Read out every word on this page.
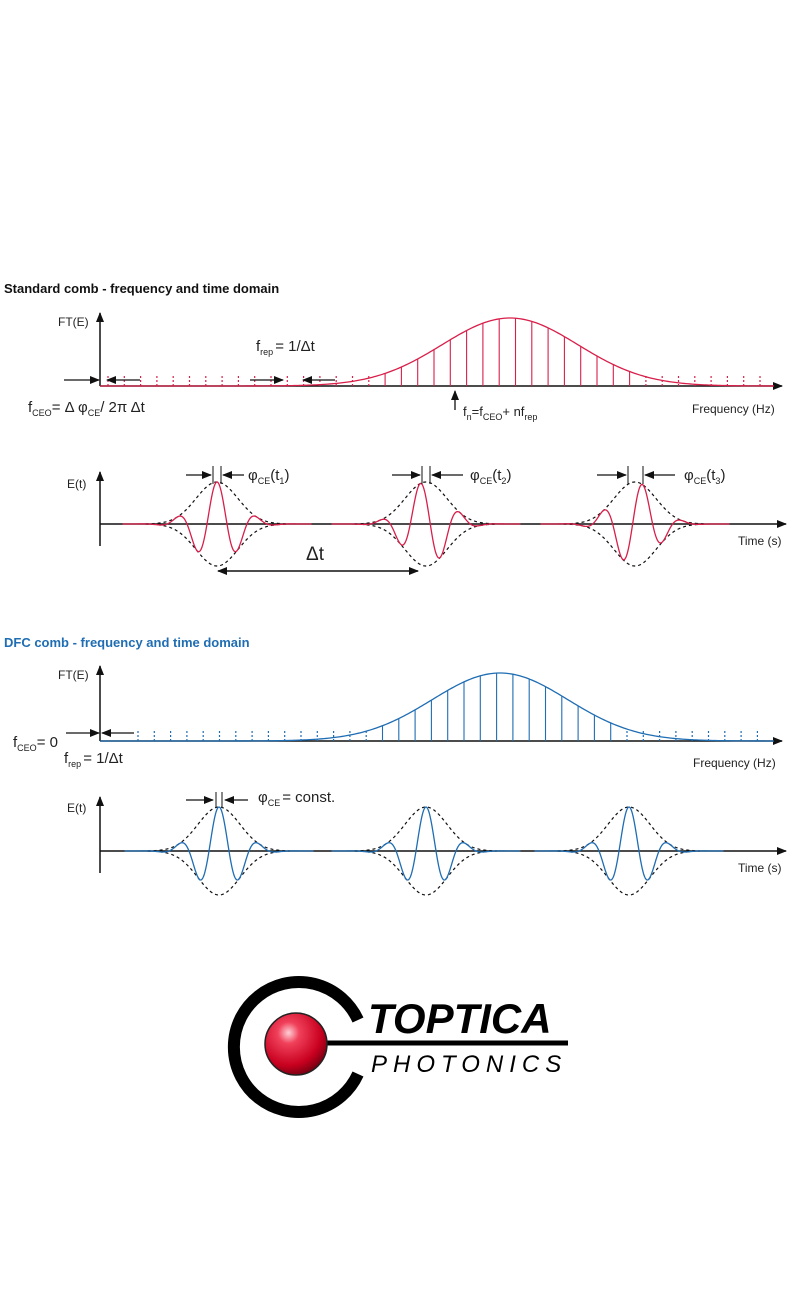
Standard comb - frequency and time domain
FT(E)
Frequency (Hz)
$f_{rep} = 1/\Delta t$
$f_{CEO}= \Delta$ $\varphi_{CE}/$ 2π Δt	$f_n=f_{CEO}+ nf_{rep}$
E(t)
Time (s)
$\varphi_{CE}(t_1)$	$\varphi_{CE}(t_2)$	$\varphi_{CE}(t_3)$
Δt
DFC comb - frequency and time domain
FT(E)
Frequency (Hz)
$f_{CEO}= 0$
$f_{rep} = 1/\Delta t$
E(t)
Time (s)
$\varphi_{CE}$ = const.
TOPTICA
PHOTONICS
